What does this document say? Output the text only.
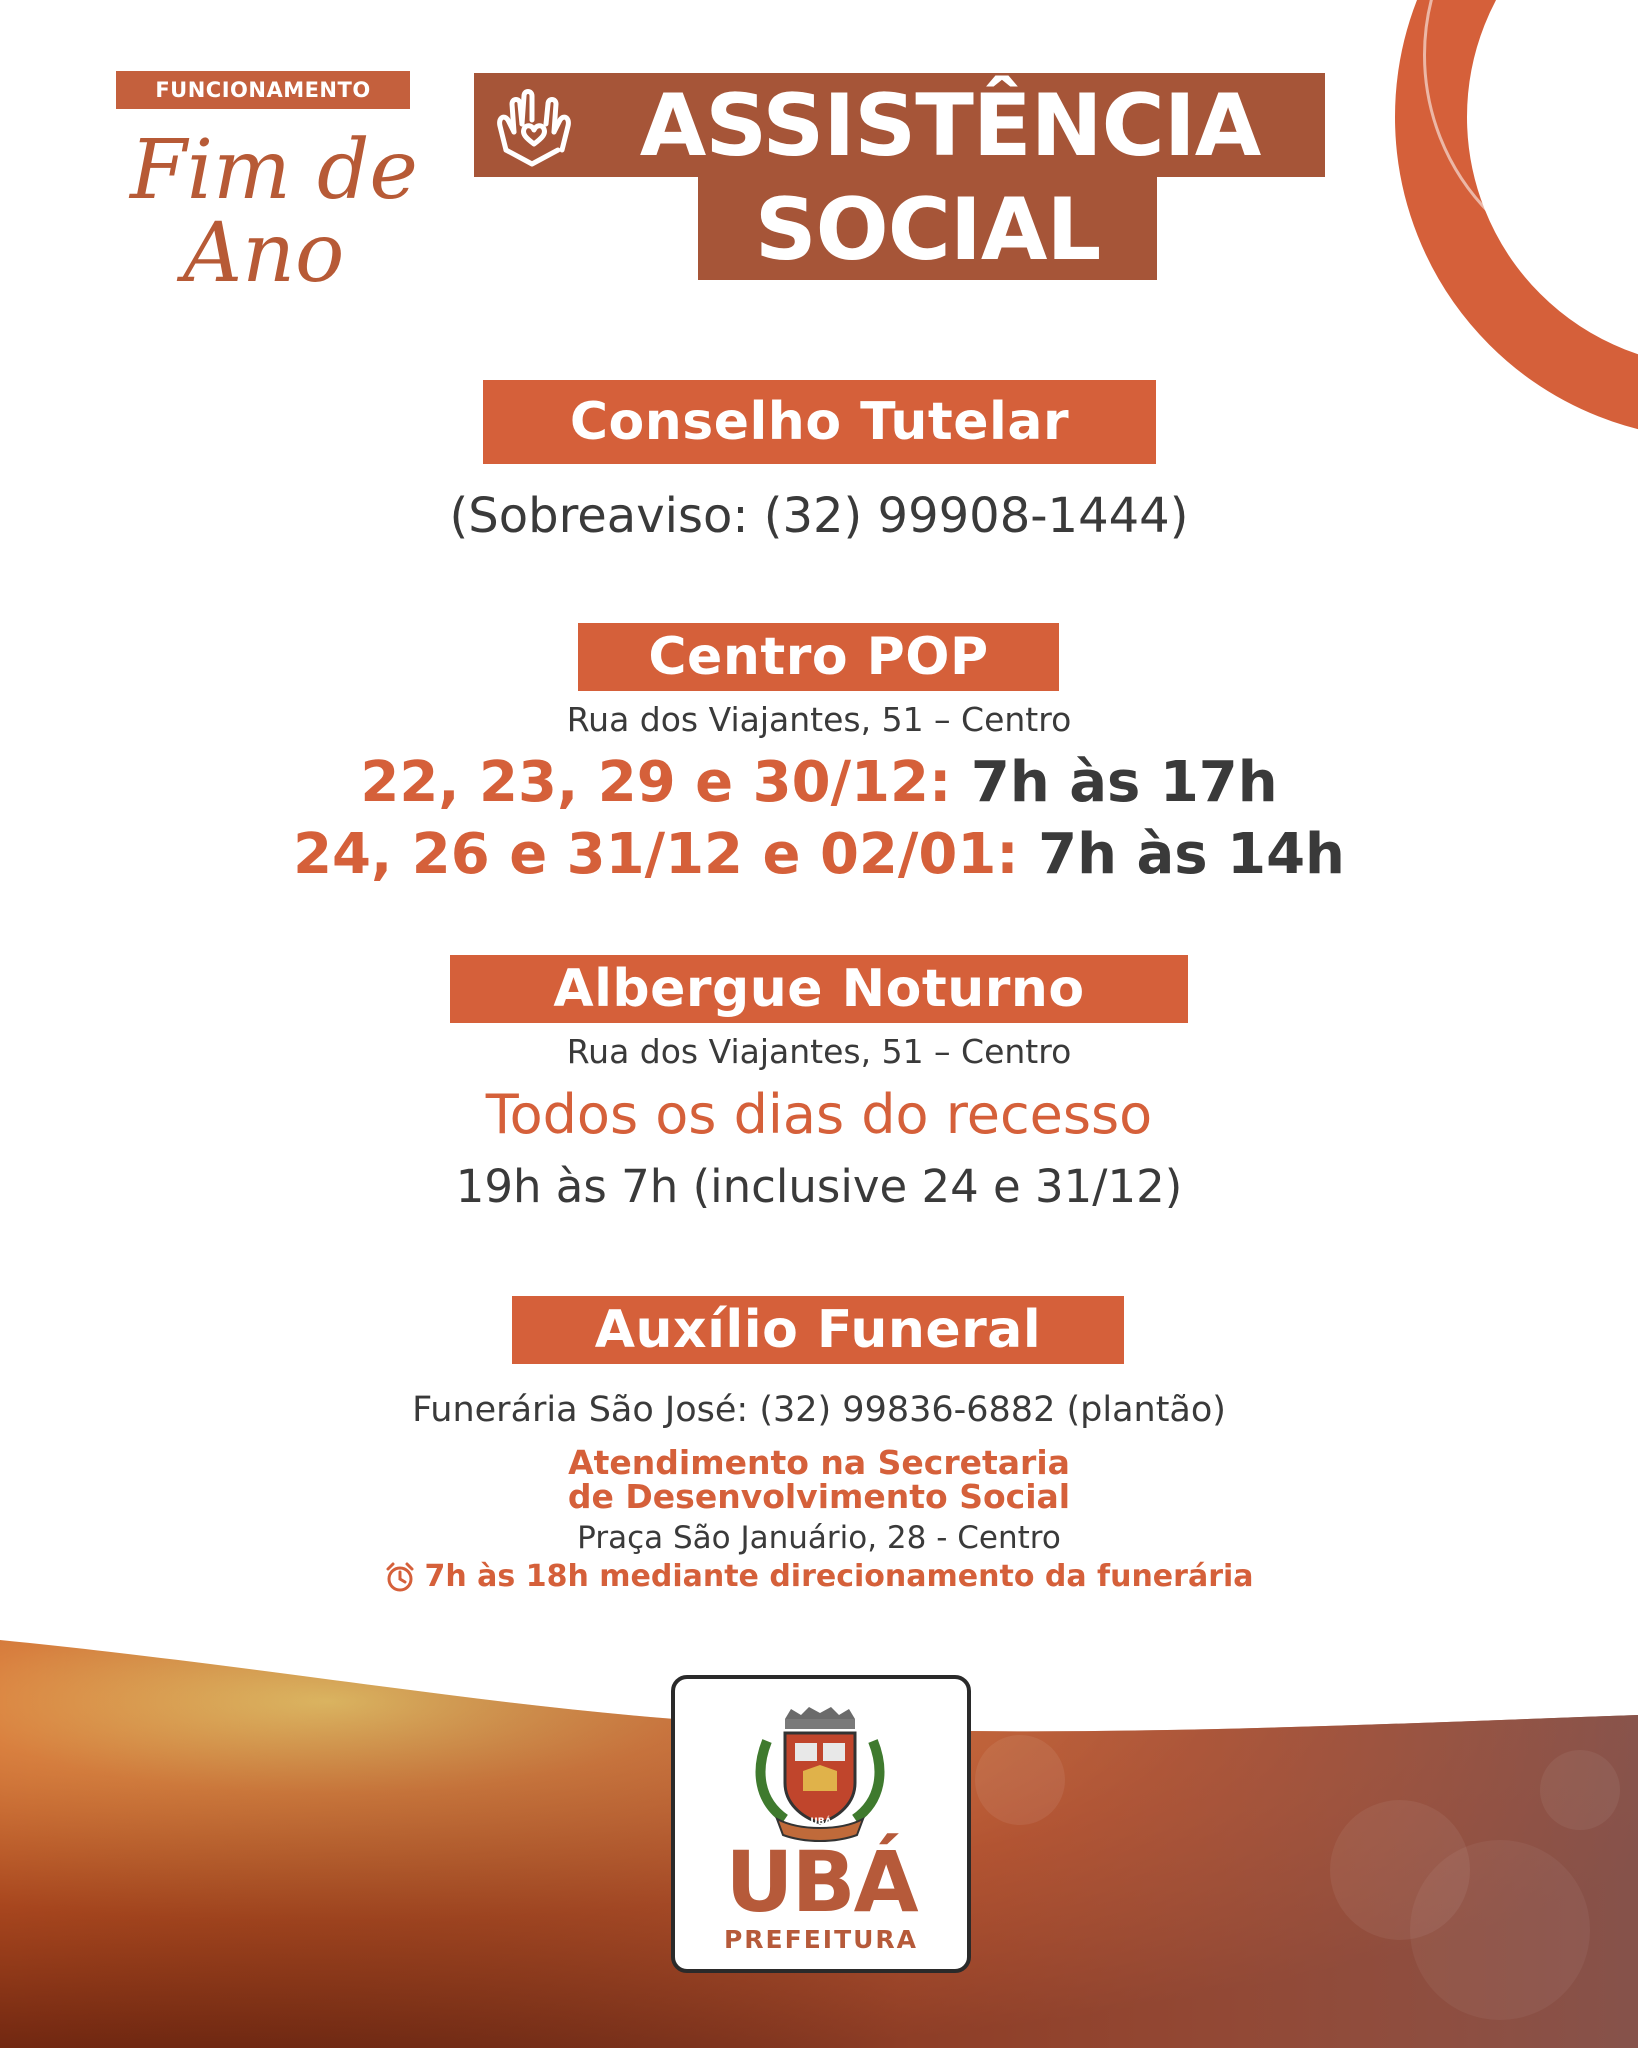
FUNCIONAMENTO
Fim de
Ano
ASSISTÊNCIA
SOCIAL
Conselho Tutelar
(Sobreaviso: (32) 99908-1444)
Centro POP
Rua dos Viajantes, 51 – Centro
22, 23, 29 e 30/12: 7h às 17h
24, 26 e 31/12 e 02/01: 7h às 14h
Albergue Noturno
Rua dos Viajantes, 51 – Centro
Todos os dias do recesso
19h às 7h (inclusive 24 e 31/12)
Auxílio Funeral
Funerária São José: (32) 99836-6882 (plantão)
Atendimento na Secretaria
de Desenvolvimento Social
Praça São Januário, 28 - Centro
7h às 18h mediante direcionamento da funerária
UBÁ
UBÁ
PREFEITURA
